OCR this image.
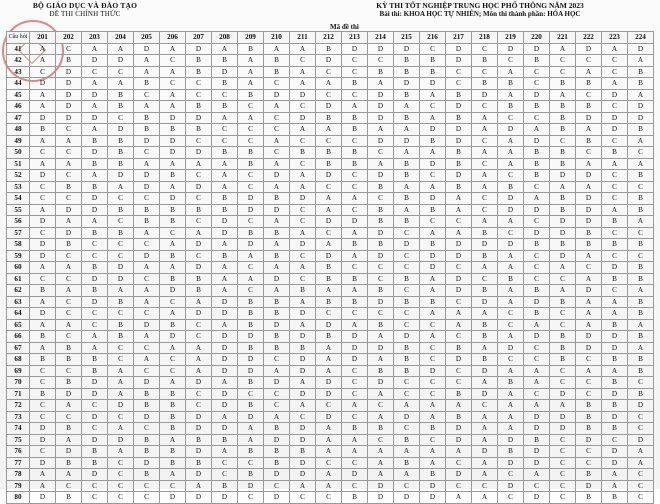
BỘ GIÁO DỤC VÀ ĐÀO TẠO
ĐỀ THI CHÍNH THỨC
KỲ THI TỐT NGHIỆP TRUNG HỌC PHỔ THÔNG NĂM 2023
Bài thi: KHOA HỌC TỰ NHIÊN; Môn thi thành phần: HÓA HỌC
Mã đề thi
Câu hỏi	201	202	203	204	205	206	207	208	209	210	211	212	213	214	215	216	217	218	219	220	221	222	223	224
41	A	C	A	A	D	A	D	A	B	A	A	B	D	D	D	C	D	C	D	D	A	D	A	D
42	A	B	D	D	A	C	B	B	A	B	C	D	C	C	B	B	D	B	C	B	C	C	C	A
43	C	D	C	C	A	A	B	D	A	B	A	C	C	B	B	B	C	C	A	C	C	A	C	B
44	D	D	A	A	B	C	C	B	A	C	A	A	B	A	D	D	C	B	B	C	B	B	A	B
45	A	D	D	B	C	A	C	C	B	D	D	C	C	D	B	A	B	D	A	D	A	C	D	A
46	A	D	A	B	A	A	B	B	C	A	C	D	A	D	A	C	D	C	B	B	B	B	C	D
47	D	D	D	C	B	D	D	A	A	C	D	B	B	D	B	A	B	A	C	C	B	D	D	D
48	B	C	A	D	B	B	B	C	C	C	A	A	B	A	A	D	D	A	D	A	B	A	D	B
49	A	A	B	B	D	D	C	C	C	A	C	C	C	D	D	B	D	C	A	D	C	B	C	A
50	C	C	D	B	C	D	D	B	B	C	B	B	B	C	A	A	B	A	A	B	B	C	B	C
51	A	A	B	B	A	A	A	A	B	A	C	B	B	A	B	D	B	C	A	B	B	A	A	A
52	D	C	A	D	D	B	C	A	C	D	A	D	C	D	B	C	D	A	C	B	D	D	C	B
53	C	B	B	A	D	A	D	A	C	A	A	C	C	B	A	A	B	A	B	C	A	A	C	C
54	C	C	D	C	C	D	C	B	D	B	D	A	A	C	B	D	A	C	D	A	B	D	C	B
55	A	D	D	B	B	B	B	B	D	D	C	A	C	B	A	B	A	C	D	D	B	D	A	B
56	D	A	A	C	B	B	C	D	C	A	C	D	D	B	B	C	C	A	A	C	D	D	B	A
57	C	D	B	B	A	C	A	D	B	B	A	C	A	D	C	A	A	B	C	D	D	B	C	C
58	D	B	C	C	C	A	D	A	D	A	D	A	B	B	D	B	D	D	D	B	B	B	B	B
59	D	C	C	C	D	B	C	B	A	B	C	D	A	D	C	D	D	B	A	C	D	A	C	C
60	A	A	B	D	A	A	D	A	C	A	A	B	C	C	C	D	C	A	A	C	A	C	D	B
61	C	C	D	D	C	B	B	A	A	D	C	B	B	C	B	A	D	C	B	C	C	A	B	B
62	B	A	B	A	A	D	B	A	C	A	B	A	A	B	C	A	D	B	A	B	A	D	C	A
63	A	C	D	B	A	C	A	D	B	B	A	B	B	D	B	B	C	D	A	D	B	A	A	B
64	D	C	C	C	C	A	D	D	B	B	D	C	C	C	C	A	A	A	C	B	C	A	A	B
65	A	A	C	B	D	B	C	A	B	D	A	D	A	B	C	C	A	B	C	A	C	A	B	A
66	B	C	A	B	A	D	C	D	D	B	D	B	D	A	D	A	C	B	A	D	B	D	D	B
67	A	B	A	C	C	A	A	D	B	B	B	A	D	D	B	C	B	A	D	C	B	D	D	A
68	B	B	B	C	A	C	A	D	D	C	D	A	D	A	B	C	D	B	C	C	B	C	B	B
69	C	C	B	A	C	C	A	D	D	A	D	A	C	B	B	D	C	D	A	A	C	A	A	B
70	C	B	D	A	D	A	D	A	B	D	A	D	C	D	C	C	C	A	B	A	C	C	B	C
71	B	D	D	A	B	B	C	D	C	C	D	D	C	A	C	C	B	D	A	C	D	C	D	B
72	C	A	C	D	B	B	C	D	B	C	A	C	A	C	A	A	A	C	A	A	A	B	B	D
73	C	C	D	C	D	B	D	A	D	A	C	D	C	A	D	A	B	A	A	D	D	B	D	C
74	D	B	C	A	C	B	D	D	A	B	D	A	B	B	C	B	D	A	A	D	D	B	B	C
75	D	A	D	D	B	A	B	B	A	D	D	A	A	C	B	C	D	A	D	B	C	D	C	D
76	C	D	B	A	B	B	D	A	B	B	B	A	A	A	A	A	A	D	B	D	C	C	D	A
77	D	B	B	C	D	B	B	C	C	B	D	C	C	A	B	A	C	A	D	D	C	C	D	A
78	A	A	D	C	B	A	D	C	B	D	D	A	D	A	A	B	D	A	C	A	C	B	A	C
79	A	C	C	C	C	C	A	B	D	C	A	A	C	D	C	D	C	C	D	C	C	D	A	C
80	D	B	C	C	C	D	D	D	C	D	C	C	B	D	D	D	A	A	C	D	C	B	B	C
